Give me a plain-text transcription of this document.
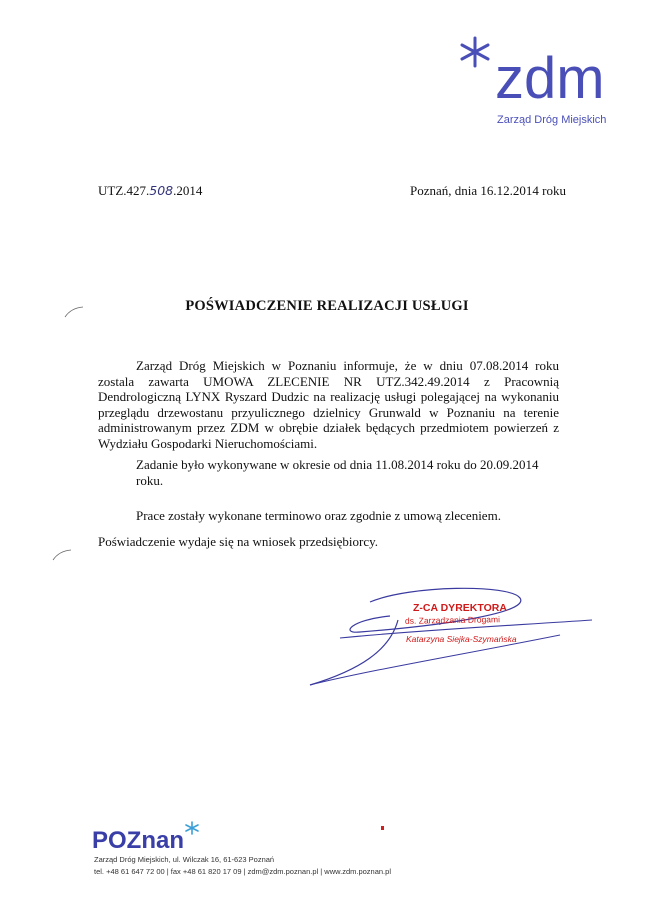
zdm
Zarząd Dróg Miejskich
UTZ.427.508.2014	Poznań, dnia 16.12.2014 roku
POŚWIADCZENIE REALIZACJI USŁUGI
Zarząd Dróg Miejskich w Poznaniu informuje, że w dniu 07.08.2014 roku zostala zawarta UMOWA ZLECENIE NR UTZ.342.49.2014 z Pracownią Dendrologiczną LYNX Ryszard Dudzic na realizację usługi polegającej na wykonaniu przeglądu drzewostanu przyulicznego dzielnicy Grunwald w Poznaniu na terenie administrowanym przez ZDM w obrębie działek będących przedmiotem powierzeń z Wydziału Gospodarki Nieruchomościami.
Zadanie było wykonywane w okresie od dnia 11.08.2014 roku do 20.09.2014 roku.
Prace zostały wykonane terminowo oraz zgodnie z umową zleceniem.
Poświadczenie wydaje się na wniosek przedsiębiorcy.
Z-CA DYREKTORA
ds. Zarządzania Drogami
Katarzyna Siejka-Szymańska
POZnan
Zarząd Dróg Miejskich, ul. Wilczak 16, 61-623 Poznań
tel. +48 61 647 72 00 | fax +48 61 820 17 09 | zdm@zdm.poznan.pl | www.zdm.poznan.pl
